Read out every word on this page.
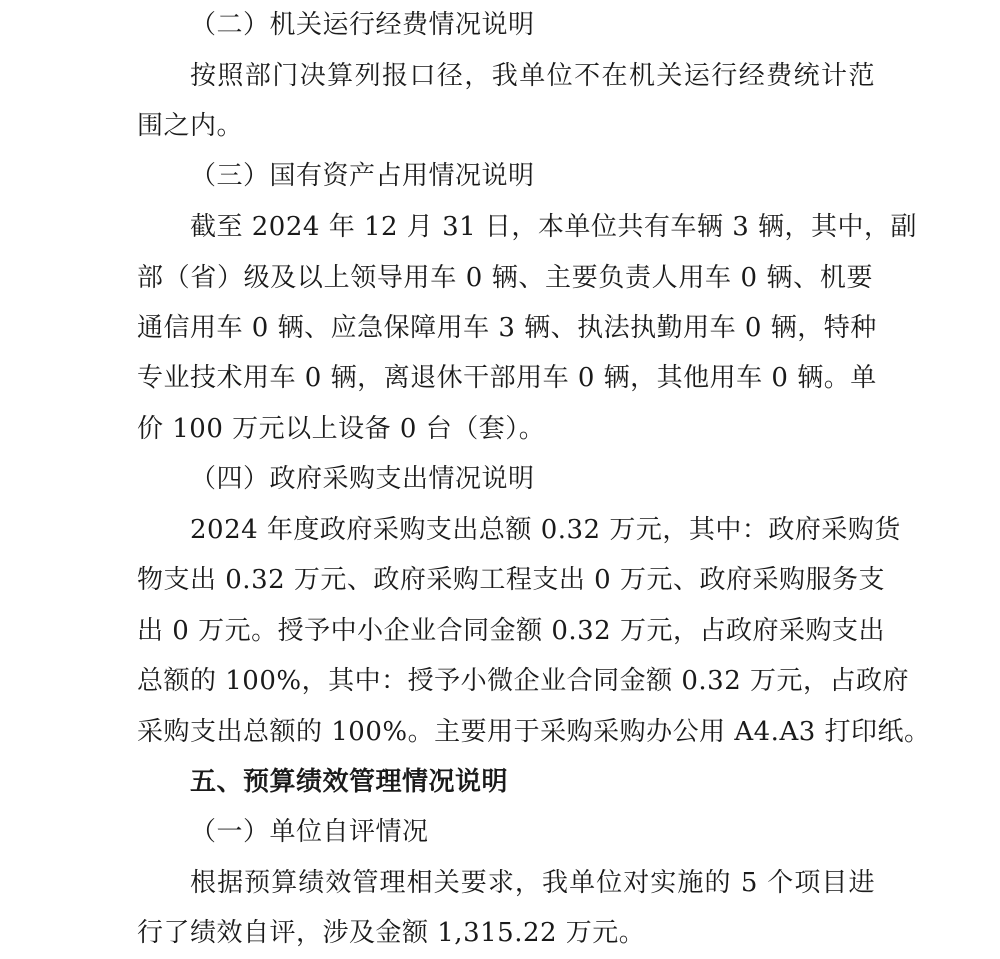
（二）机关运行经费情况说明
按照部门决算列报口径，我单位不在机关运行经费统计范
围之内。
（三）国有资产占用情况说明
截至 2024 年 12 月 31 日，本单位共有车辆 3 辆，其中，副
部（省）级及以上领导用车 0 辆、主要负责人用车 0 辆、机要
通信用车 0 辆、应急保障用车 3 辆、执法执勤用车 0 辆，特种
专业技术用车 0 辆，离退休干部用车 0 辆，其他用车 0 辆。单
价 100 万元以上设备 0 台（套）。
（四）政府采购支出情况说明
2024 年度政府采购支出总额 0.32 万元，其中：政府采购货
物支出 0.32 万元、政府采购工程支出 0 万元、政府采购服务支
出 0 万元。授予中小企业合同金额 0.32 万元，占政府采购支出
总额的 100%，其中：授予小微企业合同金额 0.32 万元，占政府
采购支出总额的 100%。主要用于采购采购办公用 A4.A3 打印纸。
五、预算绩效管理情况说明
（一）单位自评情况
根据预算绩效管理相关要求，我单位对实施的 5 个项目进
行了绩效自评，涉及金额 1,315.22 万元。
